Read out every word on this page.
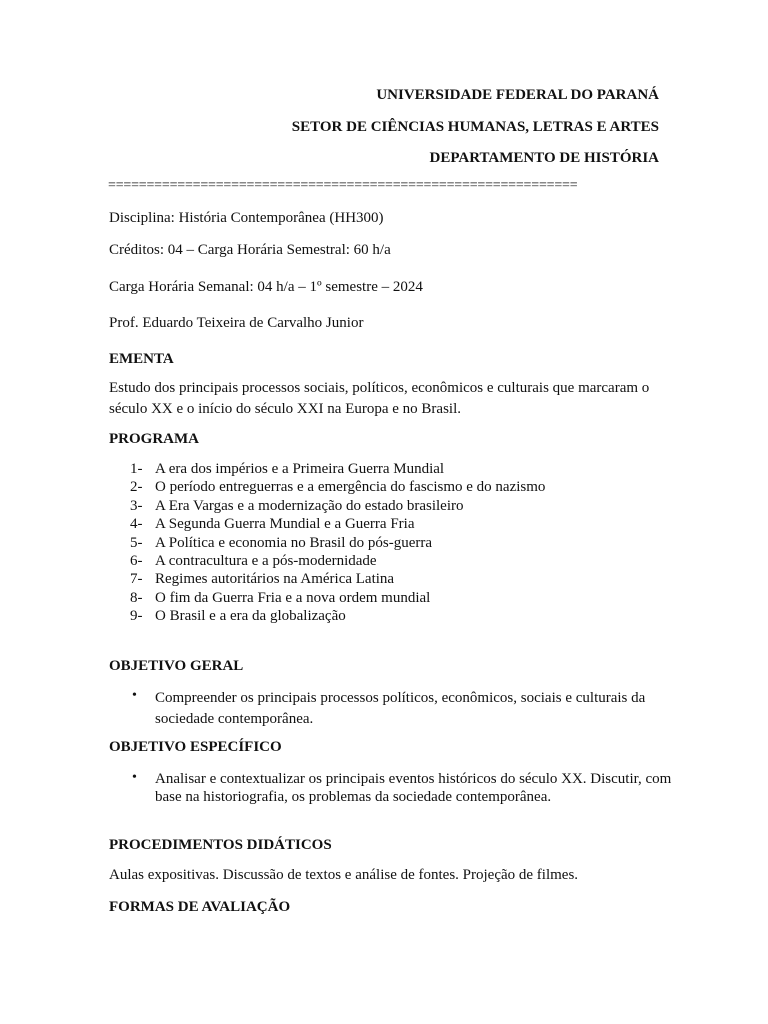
UNIVERSIDADE FEDERAL DO PARANÁ
SETOR DE CIÊNCIAS HUMANAS, LETRAS E ARTES
DEPARTAMENTO DE HISTÓRIA
=============================================================
Disciplina: História Contemporânea (HH300)
Créditos: 04 – Carga Horária Semestral: 60 h/a
Carga Horária Semanal: 04 h/a – 1º semestre – 2024
Prof. Eduardo Teixeira de Carvalho Junior
EMENTA
Estudo dos principais processos sociais, políticos, econômicos e culturais que marcaram o século XX e o início do século XXI na Europa e no Brasil.
PROGRAMA
1- A era dos impérios e a Primeira Guerra Mundial
2- O período entreguerras e a emergência do fascismo e do nazismo
3- A Era Vargas e a modernização do estado brasileiro
4- A Segunda Guerra Mundial e a Guerra Fria
5- A Política e economia no Brasil do pós-guerra
6- A contracultura e a pós-modernidade
7- Regimes autoritários na América Latina
8- O fim da Guerra Fria e a nova ordem mundial
9- O Brasil e a era da globalização
OBJETIVO GERAL
• Compreender os principais processos políticos, econômicos, sociais e culturais da sociedade contemporânea.
OBJETIVO ESPECÍFICO
• Analisar e contextualizar os principais eventos históricos do século XX. Discutir, com base na historiografia, os problemas da sociedade contemporânea.
PROCEDIMENTOS DIDÁTICOS
Aulas expositivas. Discussão de textos e análise de fontes. Projeção de filmes.
FORMAS DE AVALIAÇÃO
